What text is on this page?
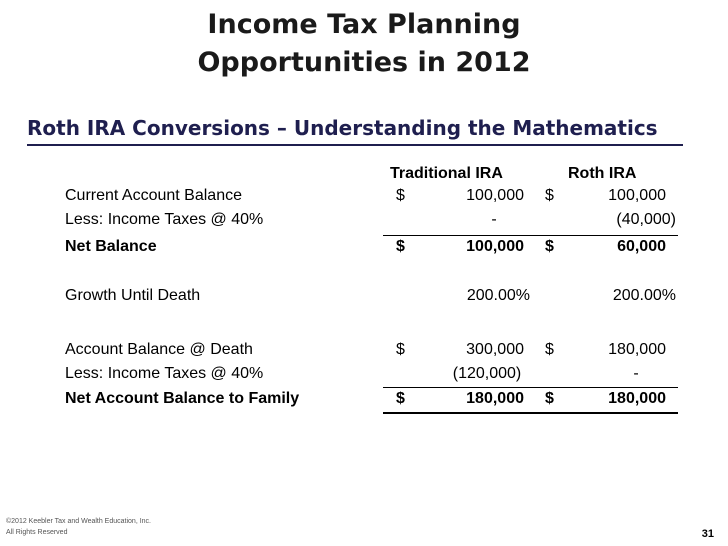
Income Tax Planning
Opportunities in 2012
Roth IRA Conversions – Understanding the Mathematics
Traditional IRA	Roth IRA
Current Account Balance	$	100,000 $	100,000
Less: Income Taxes @ 40%	-	(40,000)
Net Balance	$	100,000 $	60,000
Growth Until Death	200.00%	200.00%
Account Balance @ Death	$	300,000 $	180,000
Less: Income Taxes @ 40%	(120,000)	-
Net Account Balance to Family	$	180,000 $	180,000
©2012 Keebler Tax and Wealth Education, Inc.
All Rights Reserved	31
